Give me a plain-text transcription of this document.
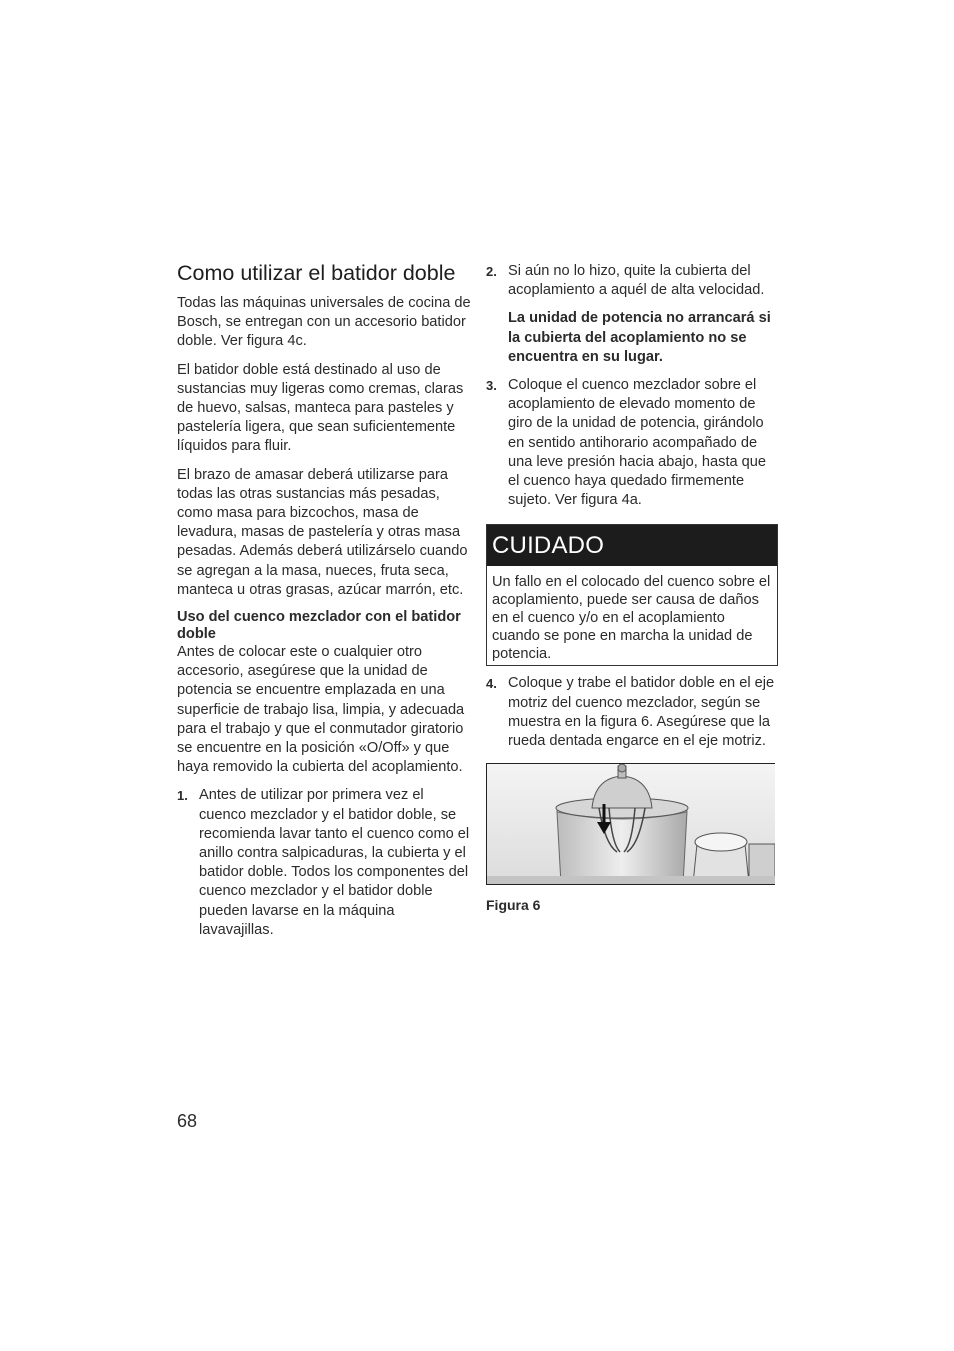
Como utilizar el batidor doble

Todas las máquinas universales de cocina de Bosch, se entregan con un accesorio batidor doble. Ver figura 4c.

El batidor doble está destinado al uso de sustancias muy ligeras como cremas, claras de huevo, salsas, manteca para pasteles y pastelería ligera, que sean suficientemente líquidos para fluir.

El brazo de amasar deberá utilizarse para todas las otras sustancias más pesadas, como masa para bizcochos, masa de levadura, masas de pastelería y otras masa pesadas. Además deberá utilizárselo cuando se agregan a la masa, nueces, fruta seca, manteca u otras grasas, azúcar marrón, etc.

Uso del cuenco mezclador con el batidor doble

Antes de colocar este o cualquier otro accesorio, asegúrese que la unidad de potencia se encuentre emplazada en una superficie de trabajo lisa, limpia, y adecuada para el trabajo y que el conmutador giratorio se encuentre en la posición «O/Off» y que haya removido la cubierta del acoplamiento.

1. Antes de utilizar por primera vez el cuenco mezclador y el batidor doble, se recomienda lavar tanto el cuenco como el anillo contra salpicaduras, la cubierta y el batidor doble. Todos los componentes del cuenco mezclador y el batidor doble pueden lavarse en la máquina lavavajillas.
2. Si aún no lo hizo, quite la cubierta del acoplamiento a aquél de alta velocidad.

La unidad de potencia no arrancará si la cubierta del acoplamiento no se encuentra en su lugar.

3. Coloque el cuenco mezclador sobre el acoplamiento de elevado momento de giro de la unidad de potencia, girándolo en sentido antihorario acompañado de una leve presión hacia abajo, hasta que el cuenco haya quedado firmemente sujeto. Ver figura 4a.
CUIDADO
Un fallo en el colocado del cuenco sobre el acoplamiento, puede ser causa de daños en el cuenco y/o en el acoplamiento cuando se pone en marcha la unidad de potencia.
4. Coloque y trabe el batidor doble en el eje motriz del cuenco mezclador, según se muestra en la figura 6. Asegúrese que la rueda dentada engarce en el eje motriz.
Figura 6
68
